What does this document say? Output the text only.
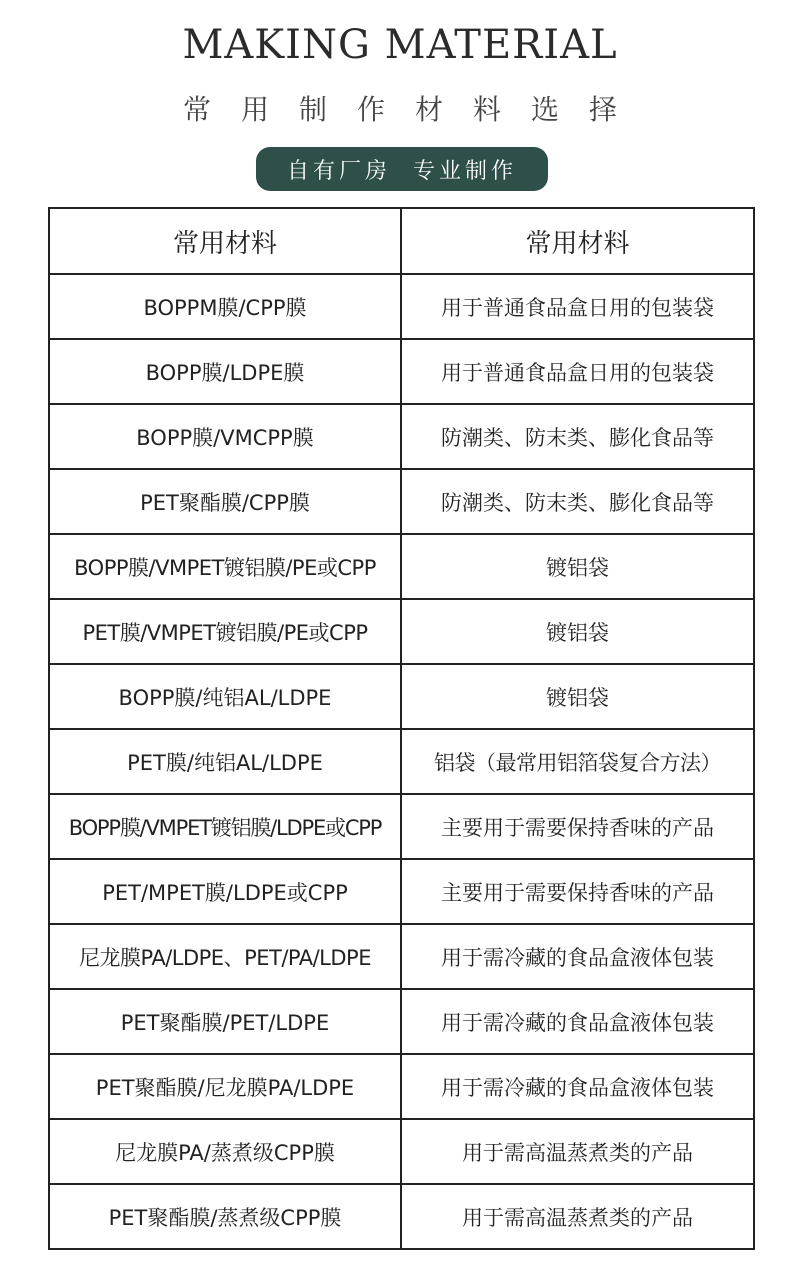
MAKING MATERIAL
常用制作材料选择
自有厂房  专业制作
常用材料	常用材料
BOPPM膜/CPP膜	用于普通食品盒日用的包装袋
BOPP膜/LDPE膜	用于普通食品盒日用的包装袋
BOPP膜/VMCPP膜	防潮类、防末类、膨化食品等
PET聚酯膜/CPP膜	防潮类、防末类、膨化食品等
BOPP膜/VMPET镀铝膜/PE或CPP	镀铝袋
PET膜/VMPET镀铝膜/PE或CPP	镀铝袋
BOPP膜/纯铝AL/LDPE	镀铝袋
PET膜/纯铝AL/LDPE	铝袋（最常用铝箔袋复合方法）
BOPP膜/VMPET镀铝膜/LDPE或CPP	主要用于需要保持香味的产品
PET/MPET膜/LDPE或CPP	主要用于需要保持香味的产品
尼龙膜PA/LDPE、PET/PA/LDPE	用于需冷藏的食品盒液体包装
PET聚酯膜/PET/LDPE	用于需冷藏的食品盒液体包装
PET聚酯膜/尼龙膜PA/LDPE	用于需冷藏的食品盒液体包装
尼龙膜PA/蒸煮级CPP膜	用于需高温蒸煮类的产品
PET聚酯膜/蒸煮级CPP膜	用于需高温蒸煮类的产品
